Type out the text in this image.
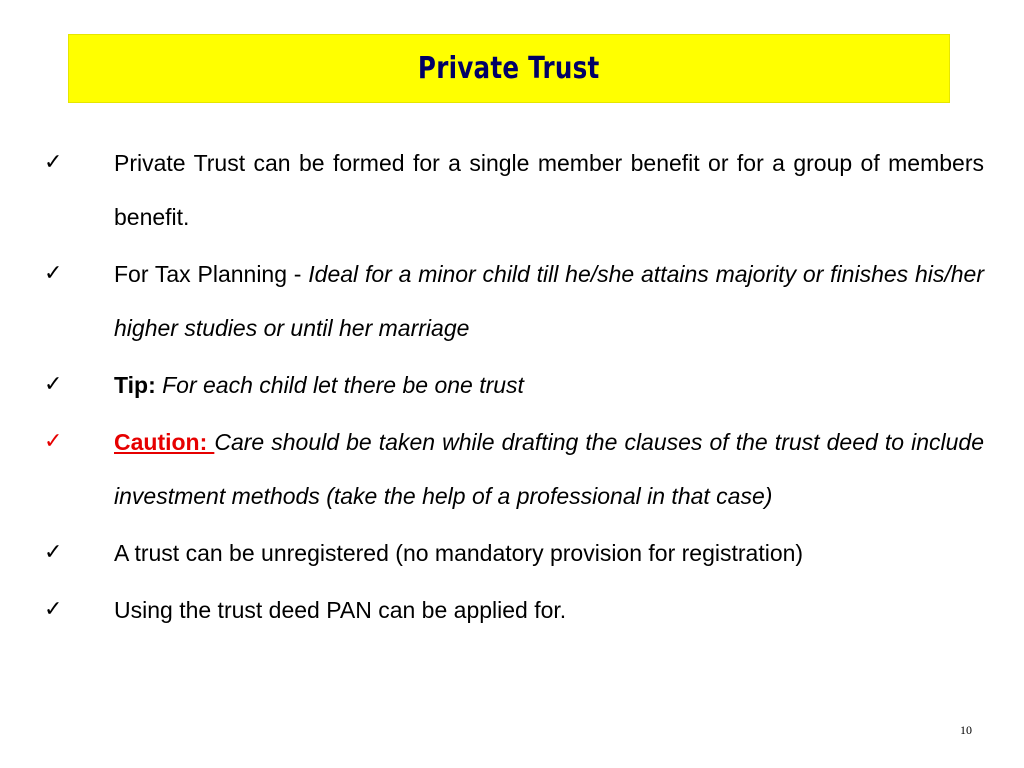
Private Trust
✓	Private Trust can be formed for a single member benefit or for a group of members benefit.
✓	For Tax Planning - Ideal for a minor child till he/she attains majority or finishes his/her higher studies or until her marriage
✓	Tip: For each child let there be one trust
✓	Caution: Care should be taken while drafting the clauses of the trust deed to include investment methods (take the help of a professional in that case)
✓	A trust can be unregistered (no mandatory provision for registration)
✓	Using the trust deed PAN can be applied for.
10
